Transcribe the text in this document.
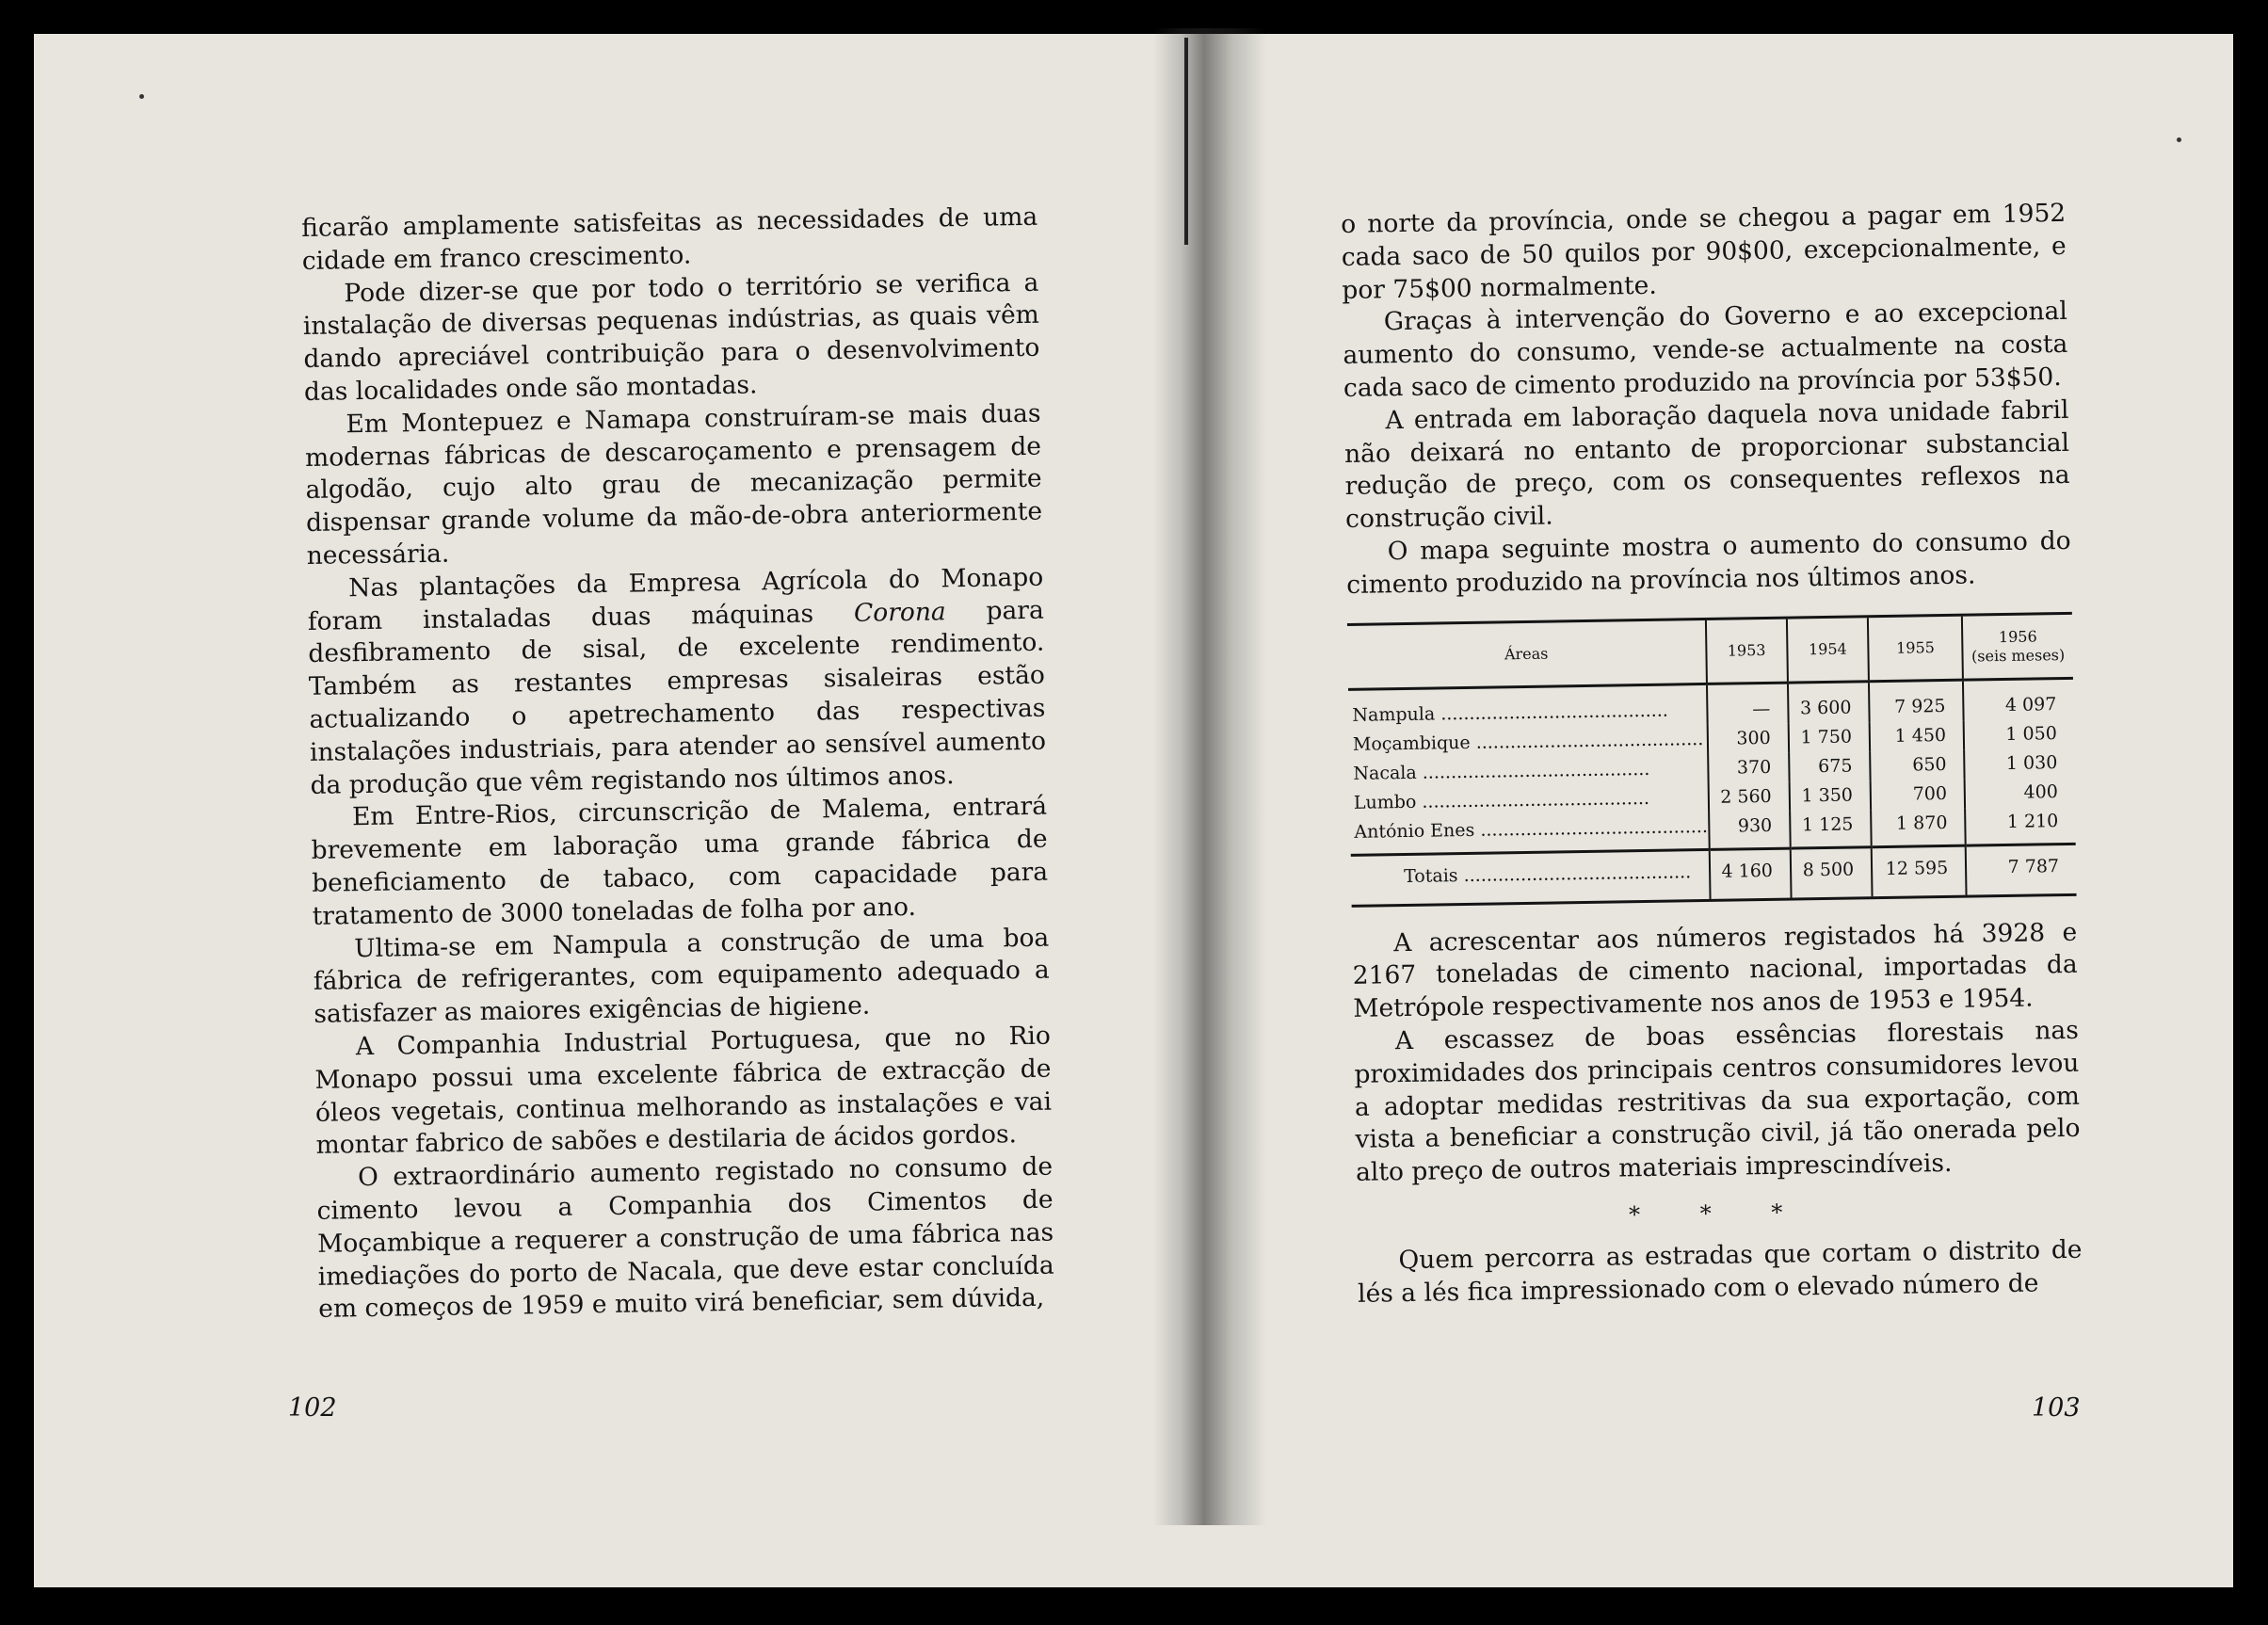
ficarão amplamente satisfeitas as necessidades de uma cidade em franco crescimento.

Pode dizer-se que por todo o território se verifica a instalação de diversas pequenas indústrias, as quais vêm dando apreciável contribuição para o desenvolvimento das localidades onde são montadas.

Em Montepuez e Namapa construíram-se mais duas modernas fábricas de descaroçamento e prensagem de algodão, cujo alto grau de mecanização permite dispensar grande volume da mão-de-obra anteriormente necessária.

Nas plantações da Empresa Agrícola do Monapo foram instaladas duas máquinas Corona para desfibramento de sisal, de excelente rendimento. Também as restantes empresas sisaleiras estão actualizando o apetrechamento das respectivas instalações industriais, para atender ao sensível aumento da produção que vêm registando nos últimos anos.

Em Entre-Rios, circunscrição de Malema, entrará brevemente em laboração uma grande fábrica de beneficiamento de tabaco, com capacidade para tratamento de 3000 toneladas de folha por ano.

Ultima-se em Nampula a construção de uma boa fábrica de refrigerantes, com equipamento adequado a satisfazer as maiores exigências de higiene.

A Companhia Industrial Portuguesa, que no Rio Monapo possui uma excelente fábrica de extracção de óleos vegetais, continua melhorando as instalações e vai montar fabrico de sabões e destilaria de ácidos gordos.

O extraordinário aumento registado no consumo de cimento levou a Companhia dos Cimentos de Moçambique a requerer a construção de uma fábrica nas imediações do porto de Nacala, que deve estar concluída em começos de 1959 e muito virá beneficiar, sem dúvida,

102

o norte da província, onde se chegou a pagar em 1952 cada saco de 50 quilos por 90$00, excepcionalmente, e por 75$00 normalmente.

Graças à intervenção do Governo e ao excepcional aumento do consumo, vende-se actualmente na costa cada saco de cimento produzido na província por 53$50.

A entrada em laboração daquela nova unidade fabril não deixará no entanto de proporcionar substancial redução de preço, com os consequentes reflexos na construção civil.

O mapa seguinte mostra o aumento do consumo do cimento produzido na província nos últimos anos.

Áreas	1953	1954	1955	1956
(seis meses)
Nampula .....	—	3 600	7 925	4 097
Moçambique .....	300	1 750	1 450	1 050
Nacala .....	370	675	650	1 030
Lumbo .....	2 560	1 350	700	400
António Enes .....	930	1 125	1 870	1 210
Totais .....	4 160	8 500	12 595	7 787

A acrescentar aos números registados há 3928 e 2167 toneladas de cimento nacional, importadas da Metrópole respectivamente nos anos de 1953 e 1954.

A escassez de boas essências florestais nas proximidades dos principais centros consumidores levou a adoptar medidas restritivas da sua exportação, com vista a beneficiar a construção civil, já tão onerada pelo alto preço de outros materiais imprescindíveis.

* * *

Quem percorra as estradas que cortam o distrito de lés a lés fica impressionado com o elevado número de

103
